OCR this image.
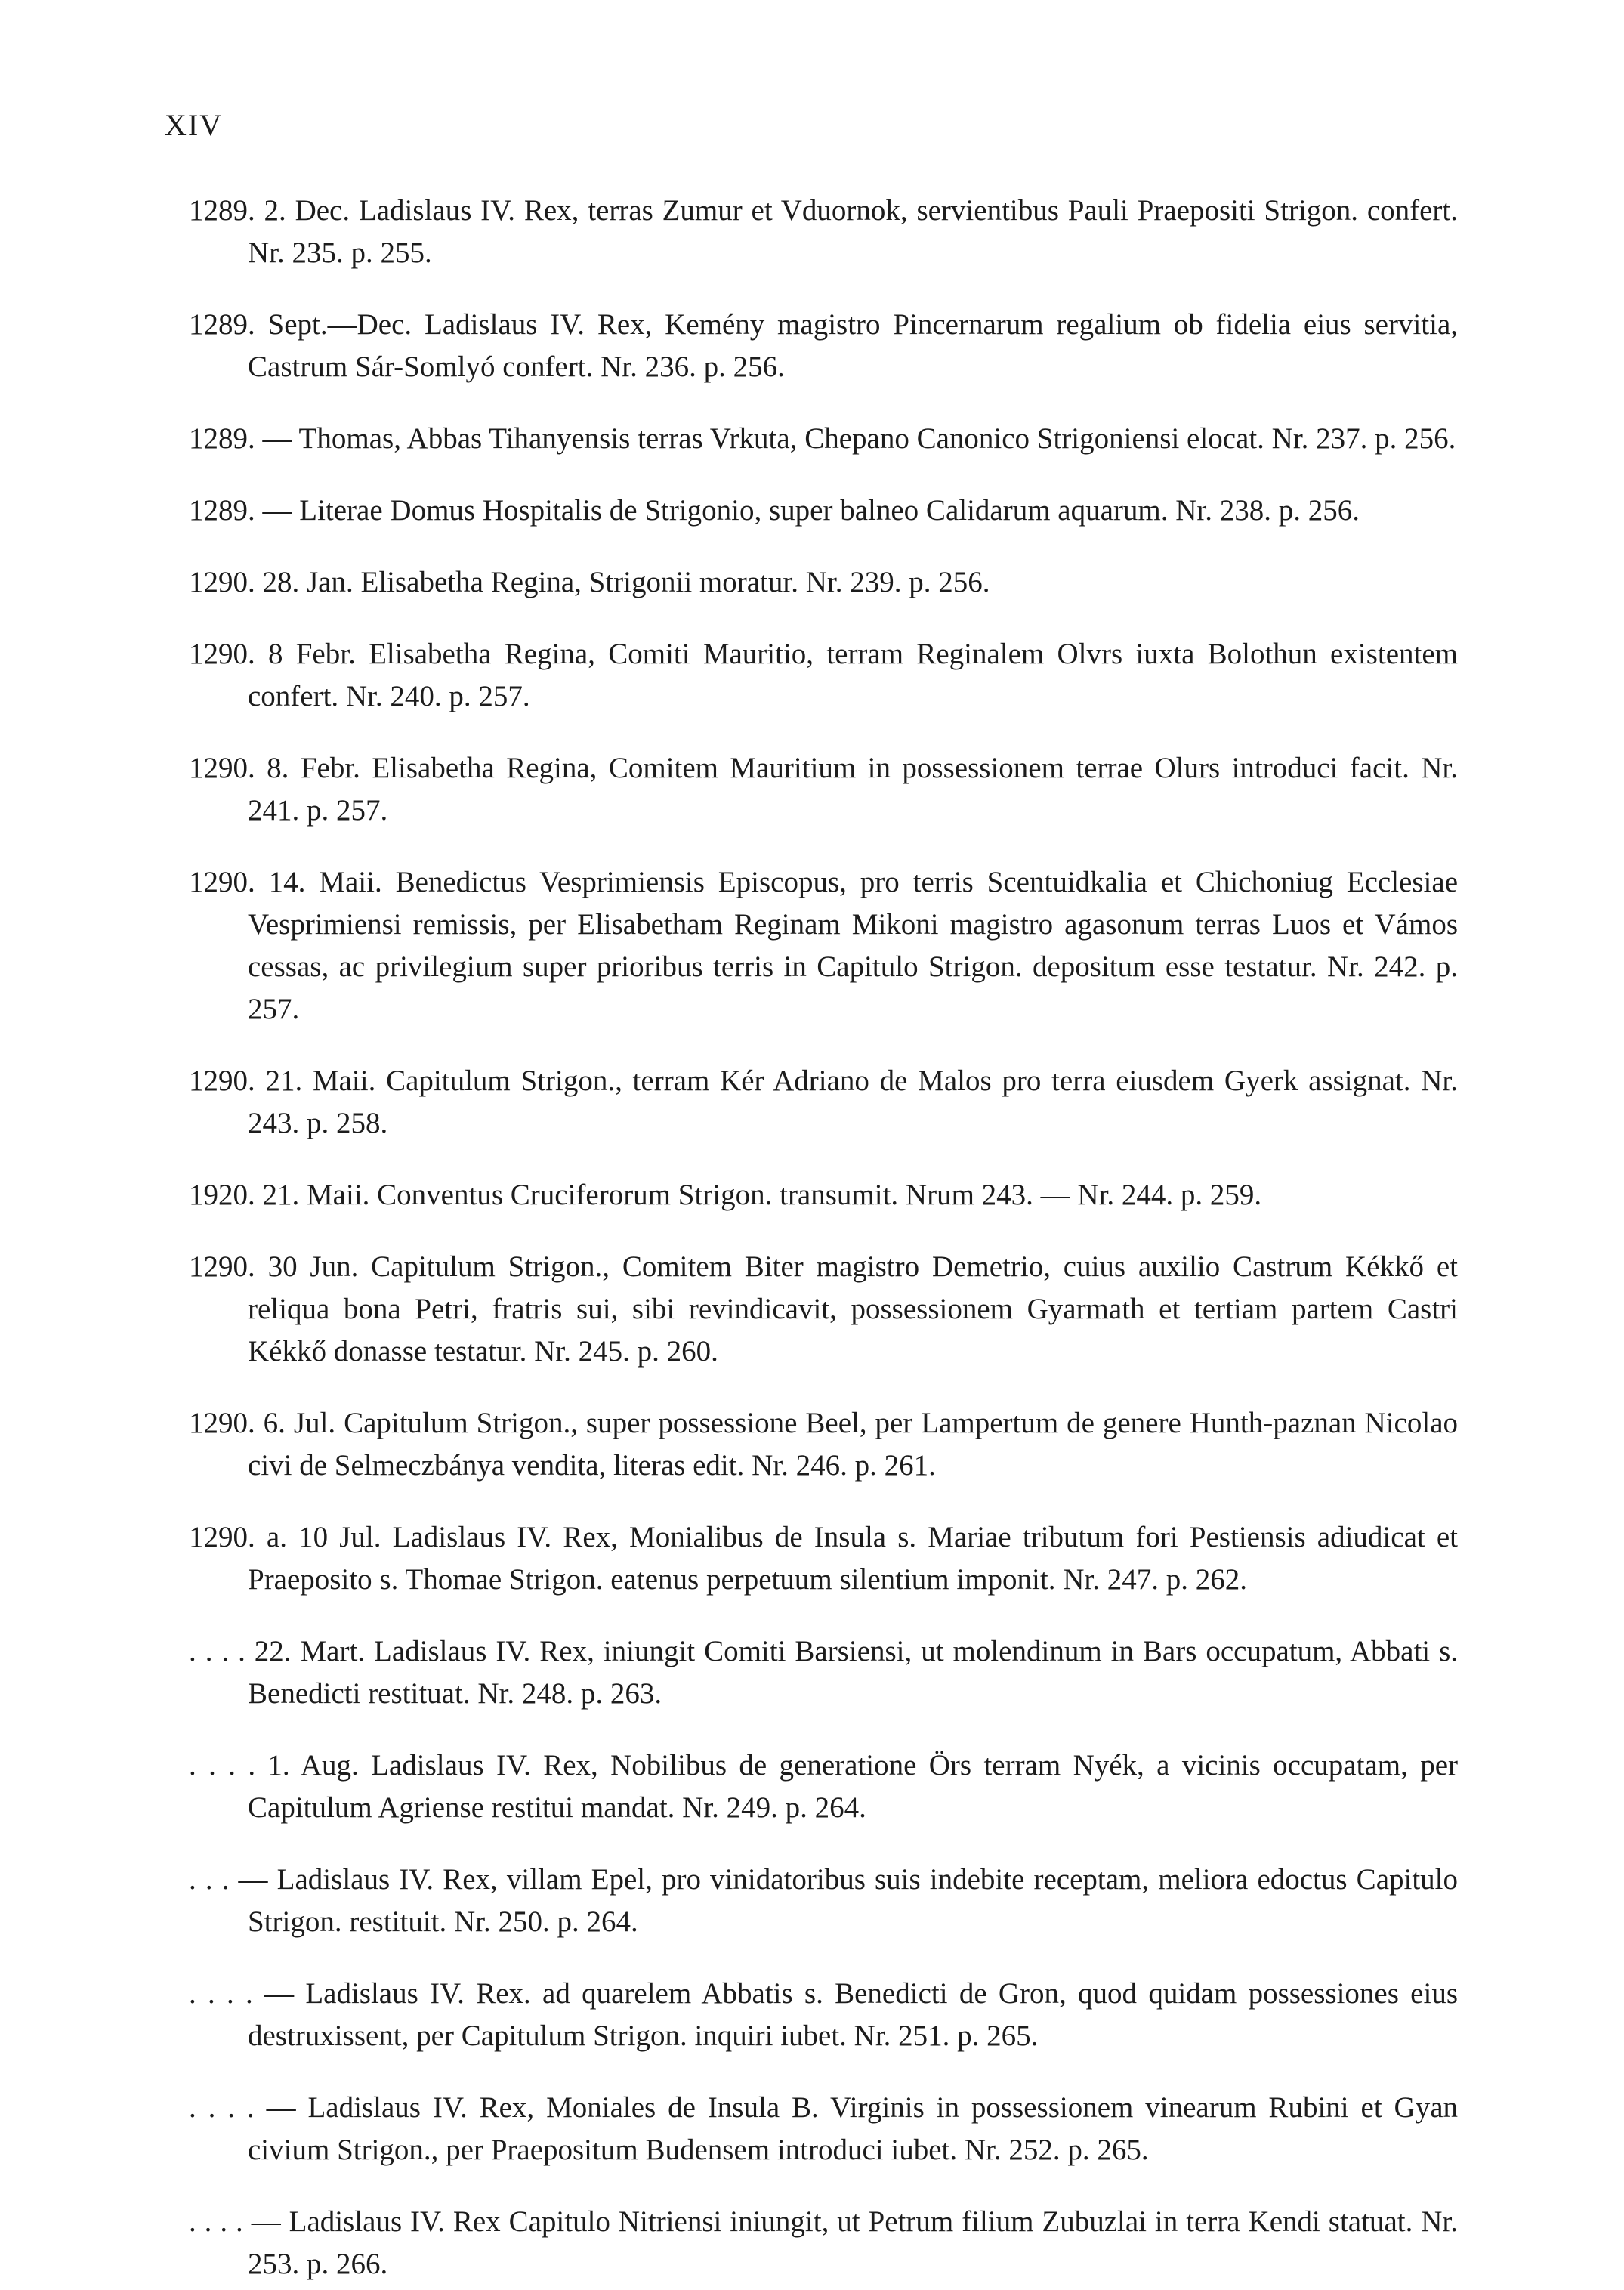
XIV

1289. 2. Dec. Ladislaus IV. Rex, terras Zumur et Vduornok, servientibus Pauli Praepositi Strigon. confert. Nr. 235. p. 255.

1289. Sept.—Dec. Ladislaus IV. Rex, Kemény magistro Pincernarum regalium ob fidelia eius servitia, Castrum Sár-Somlyó confert. Nr. 236. p. 256.

1289. — Thomas, Abbas Tihanyensis terras Vrkuta, Chepano Canonico Strigoniensi elocat. Nr. 237. p. 256.

1289. — Literae Domus Hospitalis de Strigonio, super balneo Calidarum aquarum. Nr. 238. p. 256.

1290. 28. Jan. Elisabetha Regina, Strigonii moratur. Nr. 239. p. 256.

1290. 8 Febr. Elisabetha Regina, Comiti Mauritio, terram Reginalem Olvrs iuxta Bolothun existentem confert. Nr. 240. p. 257.

1290. 8. Febr. Elisabetha Regina, Comitem Mauritium in possessionem terrae Olurs introduci facit. Nr. 241. p. 257.

1290. 14. Maii. Benedictus Vesprimiensis Episcopus, pro terris Scentuidkalia et Chichoniug Ecclesiae Vesprimiensi remissis, per Elisabetham Reginam Mikoni magistro agasonum terras Luos et Vámos cessas, ac privilegium super prioribus terris in Capitulo Strigon. depositum esse testatur. Nr. 242. p. 257.

1290. 21. Maii. Capitulum Strigon., terram Kér Adriano de Malos pro terra eiusdem Gyerk assignat. Nr. 243. p. 258.

1920. 21. Maii. Conventus Cruciferorum Strigon. transumit. Nrum 243. — Nr. 244. p. 259.

1290. 30 Jun. Capitulum Strigon., Comitem Biter magistro Demetrio, cuius auxilio Castrum Kékkő et reliqua bona Petri, fratris sui, sibi revindicavit, possessionem Gyarmath et tertiam partem Castri Kékkő donasse testatur. Nr. 245. p. 260.

1290. 6. Jul. Capitulum Strigon., super possessione Beel, per Lampertum de genere Hunth-paznan Nicolao civi de Selmeczbánya vendita, literas edit. Nr. 246. p. 261.

1290. a. 10 Jul. Ladislaus IV. Rex, Monialibus de Insula s. Mariae tributum fori Pestiensis adiudicat et Praeposito s. Thomae Strigon. eatenus perpetuum silentium imponit. Nr. 247. p. 262.

. . . . 22. Mart. Ladislaus IV. Rex, iniungit Comiti Barsiensi, ut molendinum in Bars occupatum, Abbati s. Benedicti restituat. Nr. 248. p. 263.

. . . . 1. Aug. Ladislaus IV. Rex, Nobilibus de generatione Örs terram Nyék, a vicinis occupatam, per Capitulum Agriense restitui mandat. Nr. 249. p. 264.

. . . — Ladislaus IV. Rex, villam Epel, pro vinidatoribus suis indebite receptam, meliora edoctus Capitulo Strigon. restituit. Nr. 250. p. 264.

. . . . — Ladislaus IV. Rex. ad quarelem Abbatis s. Benedicti de Gron, quod quidam possessiones eius destruxissent, per Capitulum Strigon. inquiri iubet. Nr. 251. p. 265.

. . . . — Ladislaus IV. Rex, Moniales de Insula B. Virginis in possessionem vinearum Rubini et Gyan civium Strigon., per Praepositum Budensem introduci iubet. Nr. 252. p. 265.

. . . . — Ladislaus IV. Rex Capitulo Nitriensi iniungit, ut Petrum filium Zubuzlai in terra Kendi statuat. Nr. 253. p. 266.
